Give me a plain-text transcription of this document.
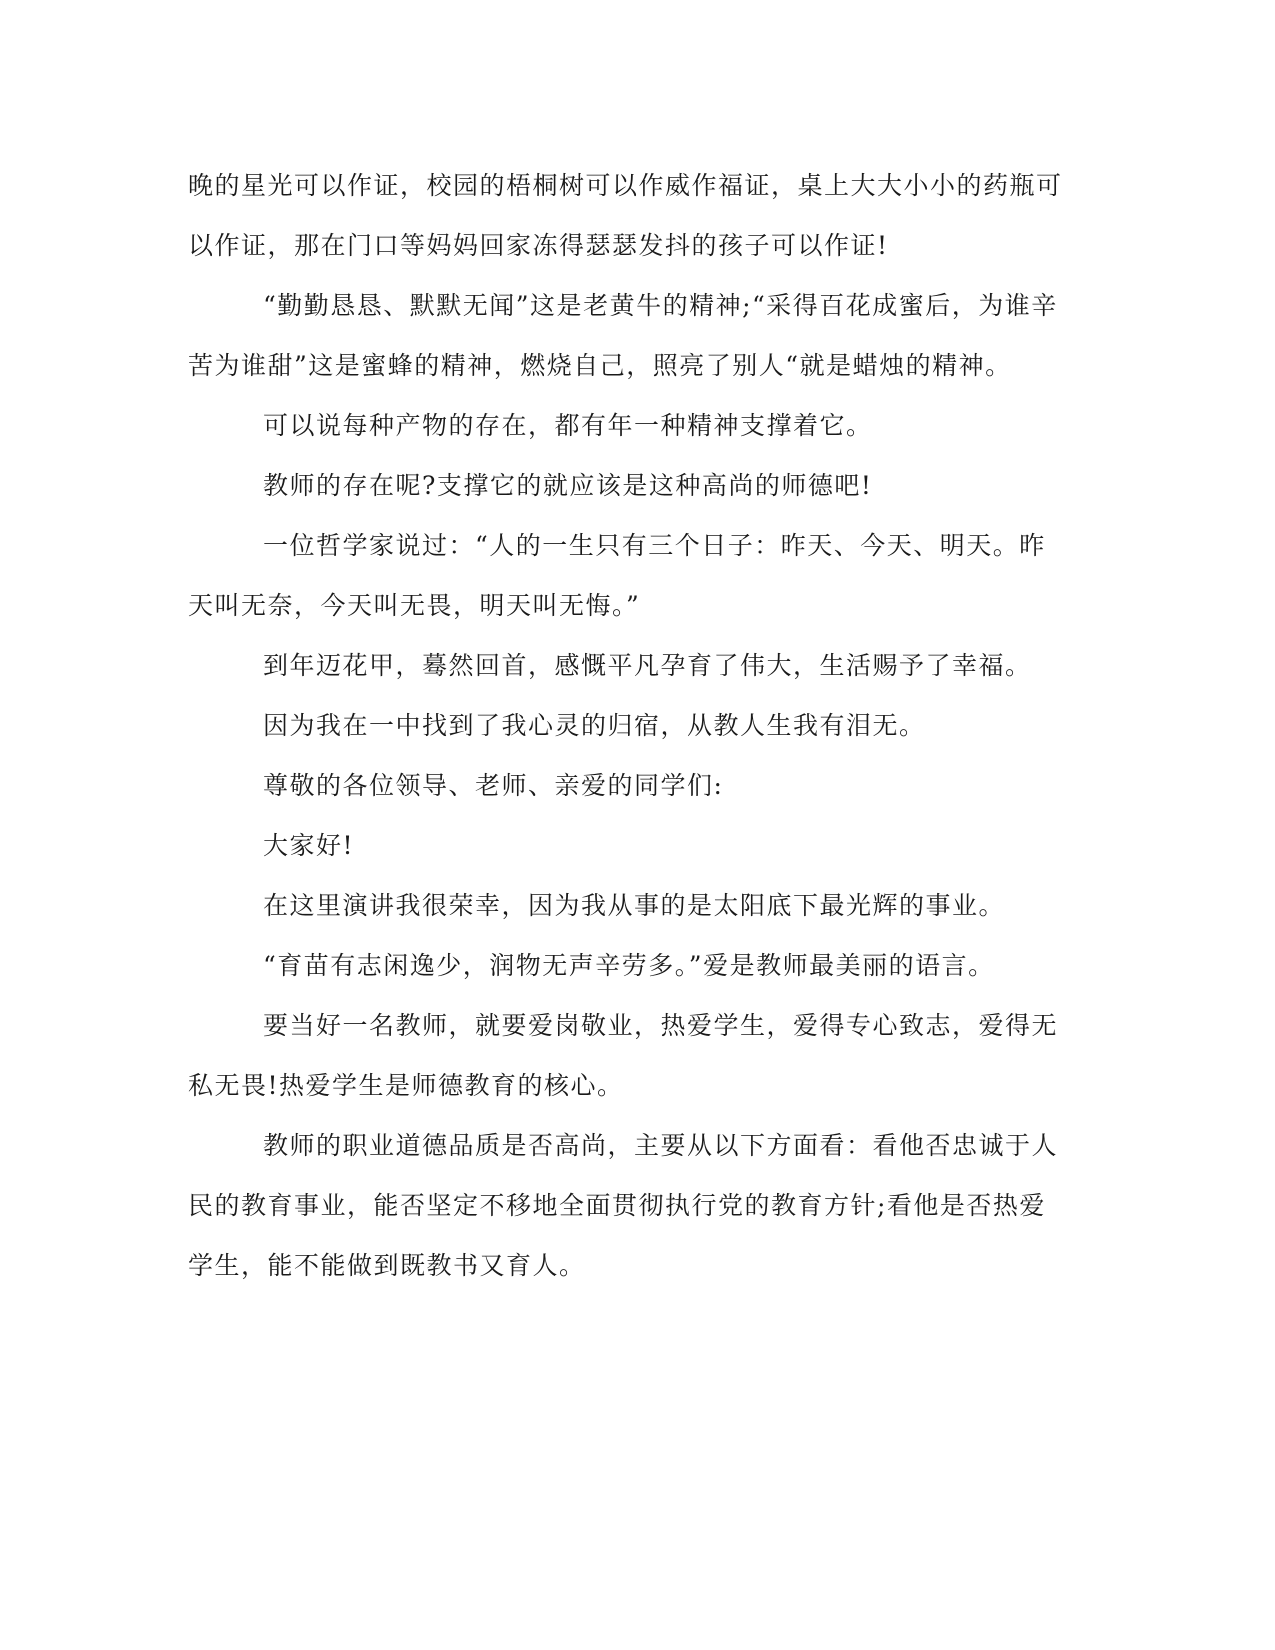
晚的星光可以作证，校园的梧桐树可以作威作福证，桌上大大小小的药瓶可以作证，那在门口等妈妈回家冻得瑟瑟发抖的孩子可以作证!

“勤勤恳恳、默默无闻”这是老黄牛的精神;“采得百花成蜜后，为谁辛苦为谁甜”这是蜜蜂的精神，燃烧自己，照亮了别人“就是蜡烛的精神。

可以说每种产物的存在，都有年一种精神支撑着它。

教师的存在呢?支撑它的就应该是这种高尚的师德吧!

一位哲学家说过：“人的一生只有三个日子：昨天、今天、明天。昨天叫无奈，今天叫无畏，明天叫无悔。”

到年迈花甲，蓦然回首，感慨平凡孕育了伟大，生活赐予了幸福。

因为我在一中找到了我心灵的归宿，从教人生我有泪无。

尊敬的各位领导、老师、亲爱的同学们:

大家好!

在这里演讲我很荣幸，因为我从事的是太阳底下最光辉的事业。

“育苗有志闲逸少，润物无声辛劳多。”爱是教师最美丽的语言。

要当好一名教师，就要爱岗敬业，热爱学生，爱得专心致志，爱得无私无畏!热爱学生是师德教育的核心。

教师的职业道德品质是否高尚，主要从以下方面看：看他否忠诚于人民的教育事业，能否坚定不移地全面贯彻执行党的教育方针;看他是否热爱学生，能不能做到既教书又育人。
